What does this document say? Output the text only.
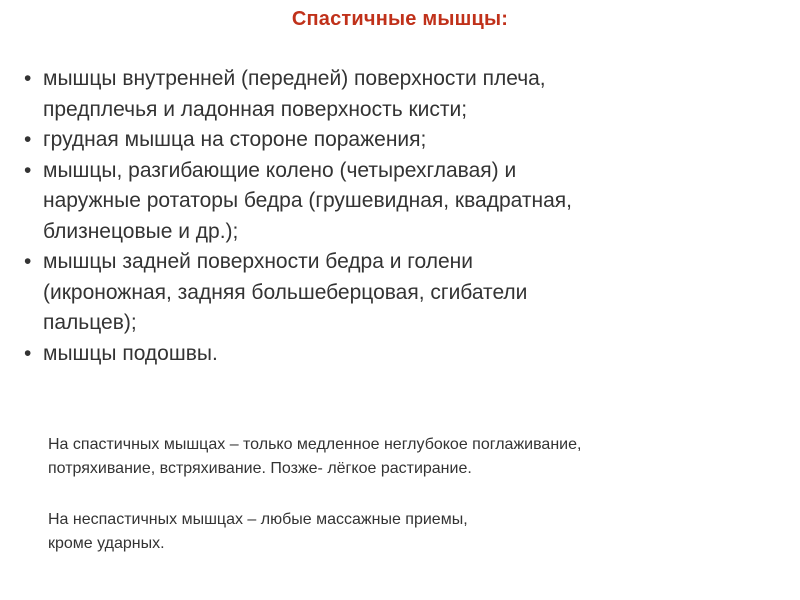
Спастичные мышцы:
• мышцы внутренней (передней) поверхности плеча,
предплечья и ладонная поверхность кисти;
• грудная мышца на стороне поражения;
• мышцы, разгибающие колено (четырехглавая) и
наружные ротаторы бедра (грушевидная, квадратная,
близнецовые и др.);
• мышцы задней поверхности бедра и голени
(икроножная, задняя большеберцовая, сгибатели
пальцев);
• мышцы подошвы.

На спастичных мышцах – только медленное неглубокое поглаживание,
потряхивание, встряхивание. Позже- лёгкое растирание.

На неспастичных мышцах – любые массажные приемы,
кроме ударных.
